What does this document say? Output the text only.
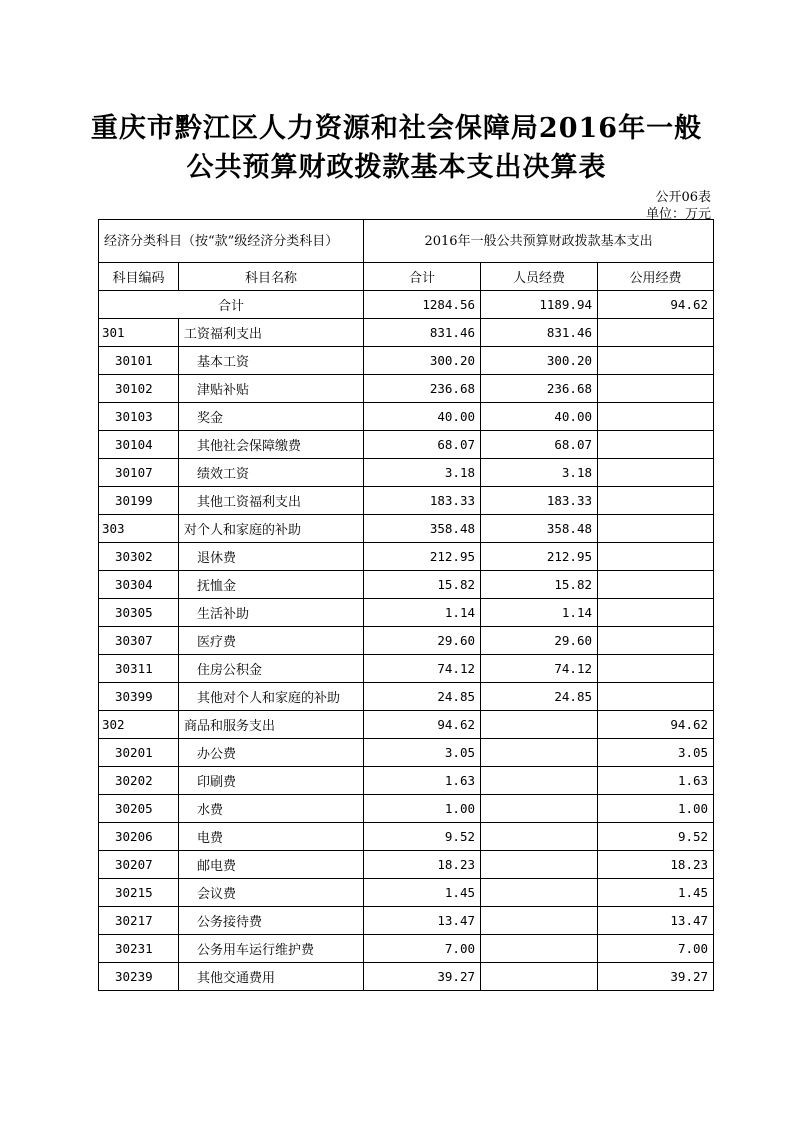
重庆市黔江区人力资源和社会保障局2016年一般
公共预算财政拨款基本支出决算表
公开06表
单位：万元
经济分类科目（按“款”级经济分类科目）		2016年一般公共预算财政拨款基本支出		
科目编码	科目名称	合计	人员经费	公用经费
合计		1284.56	1189.94	94.62
301	工资福利支出	831.46	831.46	
30101	基本工资	300.20	300.20	
30102	津贴补贴	236.68	236.68	
30103	奖金	40.00	40.00	
30104	其他社会保障缴费	68.07	68.07	
30107	绩效工资	3.18	3.18	
30199	其他工资福利支出	183.33	183.33	
303	对个人和家庭的补助	358.48	358.48	
30302	退休费	212.95	212.95	
30304	抚恤金	15.82	15.82	
30305	生活补助	1.14	1.14	
30307	医疗费	29.60	29.60	
30311	住房公积金	74.12	74.12	
30399	其他对个人和家庭的补助	24.85	24.85	
302	商品和服务支出	94.62		94.62
30201	办公费	3.05		3.05
30202	印刷费	1.63		1.63
30205	水费	1.00		1.00
30206	电费	9.52		9.52
30207	邮电费	18.23		18.23
30215	会议费	1.45		1.45
30217	公务接待费	13.47		13.47
30231	公务用车运行维护费	7.00		7.00
30239	其他交通费用	39.27		39.27
